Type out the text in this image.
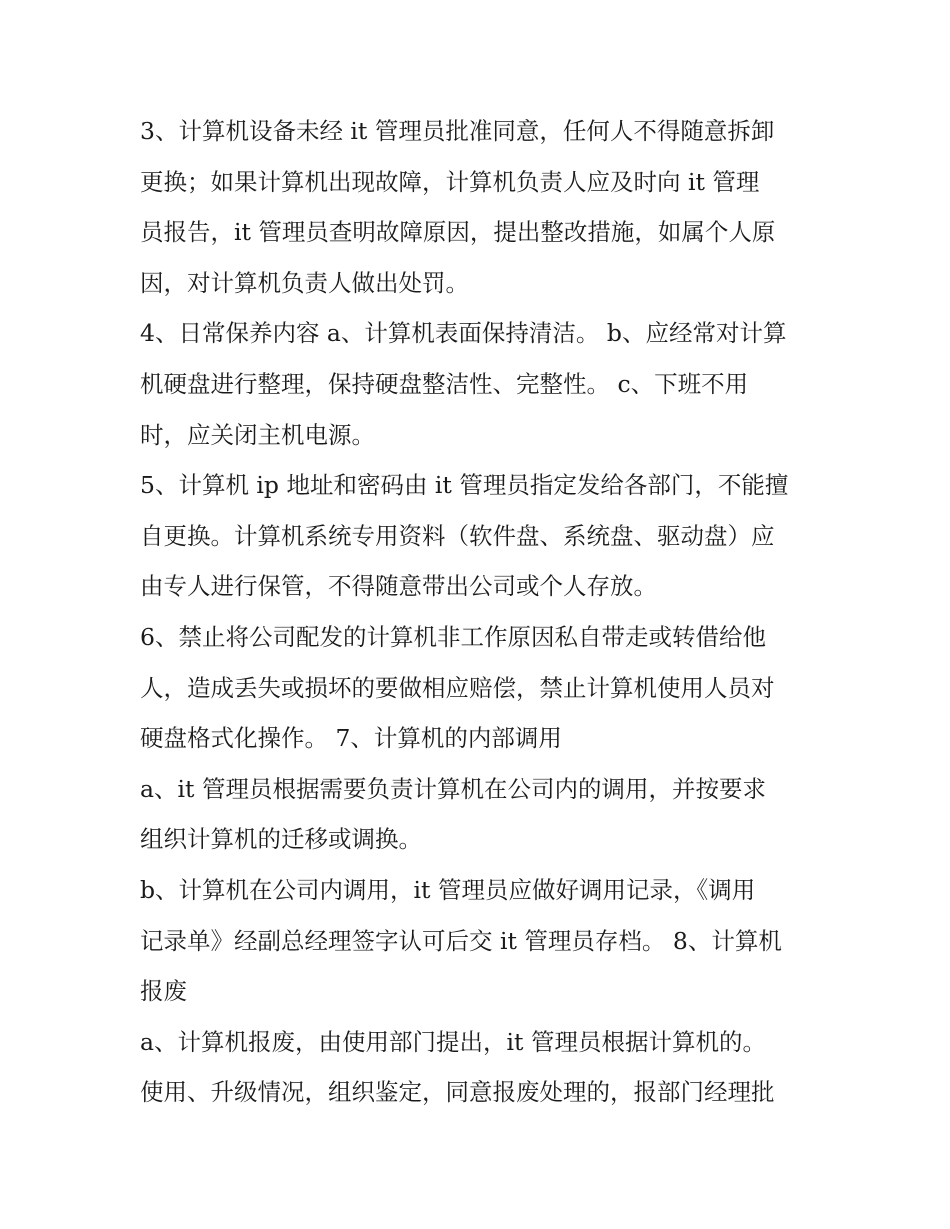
3、计算机设备未经 it 管理员批准同意，任何人不得随意拆卸
更换；如果计算机出现故障，计算机负责人应及时向 it 管理
员报告，it 管理员查明故障原因，提出整改措施，如属个人原
因，对计算机负责人做出处罚。
4、日常保养内容 a、计算机表面保持清洁。 b、应经常对计算
机硬盘进行整理，保持硬盘整洁性、完整性。 c、下班不用
时，应关闭主机电源。
5、计算机 ip 地址和密码由 it 管理员指定发给各部门，不能擅
自更换。计算机系统专用资料（软件盘、系统盘、驱动盘）应
由专人进行保管，不得随意带出公司或个人存放。
6、禁止将公司配发的计算机非工作原因私自带走或转借给他
人，造成丢失或损坏的要做相应赔偿，禁止计算机使用人员对
硬盘格式化操作。 7、计算机的内部调用
a、it 管理员根据需要负责计算机在公司内的调用，并按要求
组织计算机的迁移或调换。
b、计算机在公司内调用，it 管理员应做好调用记录，《调用
记录单》经副总经理签字认可后交 it 管理员存档。 8、计算机
报废
a、计算机报废，由使用部门提出，it 管理员根据计算机的。
使用、升级情况，组织鉴定，同意报废处理的，报部门经理批
